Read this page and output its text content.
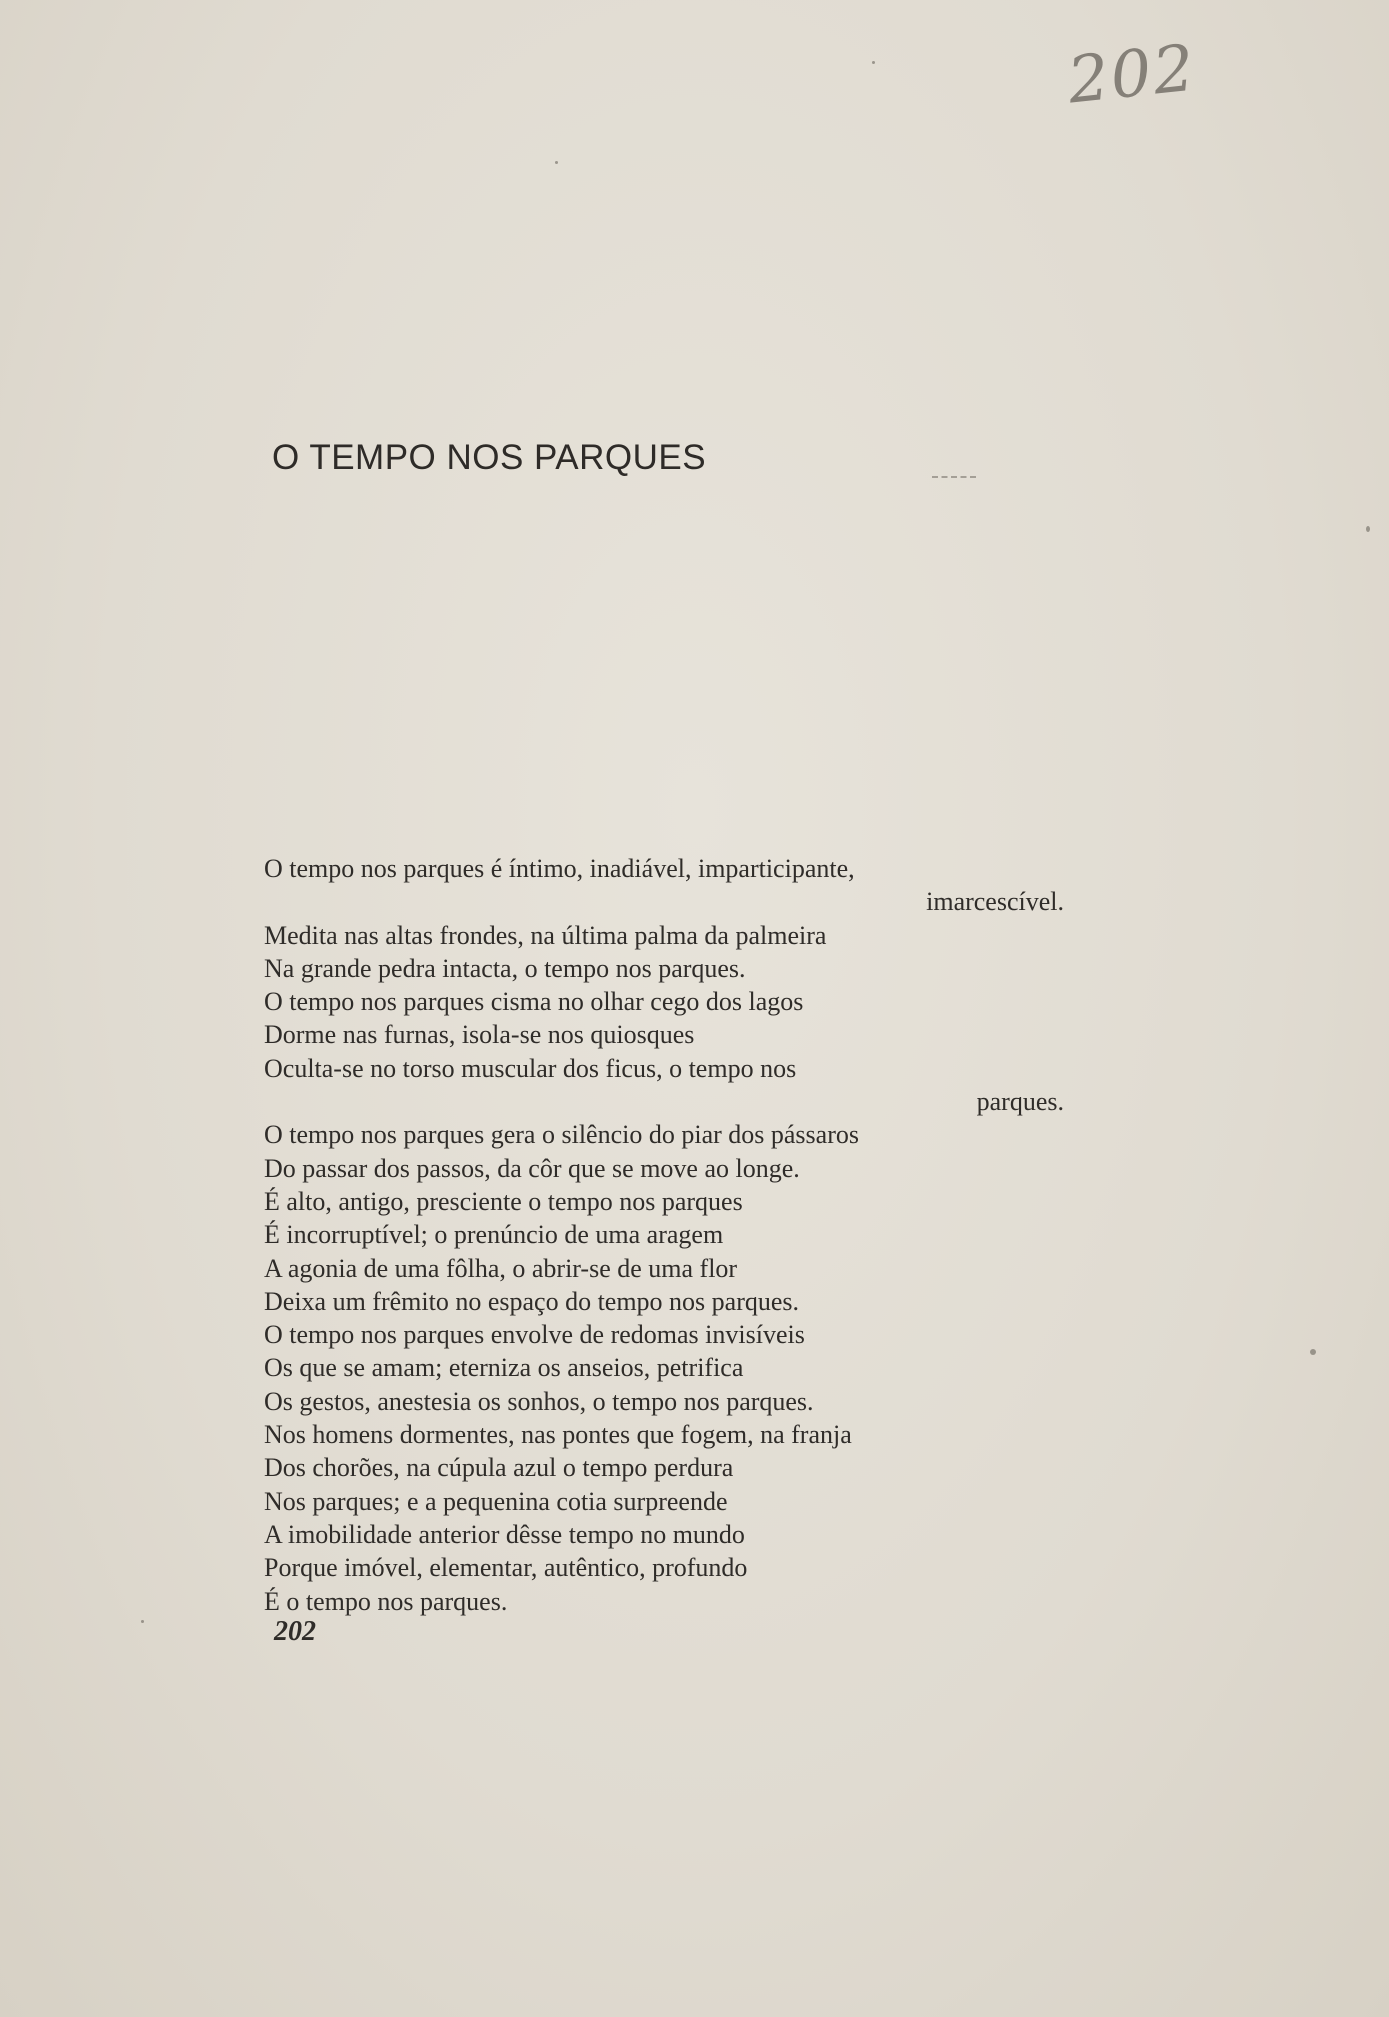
202
O TEMPO NOS PARQUES
O tempo nos parques é íntimo, inadiável, imparticipante,
imarcescível.
Medita nas altas frondes, na última palma da palmeira
Na grande pedra intacta, o tempo nos parques.
O tempo nos parques cisma no olhar cego dos lagos
Dorme nas furnas, isola-se nos quiosques
Oculta-se no torso muscular dos ficus, o tempo nos
parques.
O tempo nos parques gera o silêncio do piar dos pássaros
Do passar dos passos, da côr que se move ao longe.
É alto, antigo, presciente o tempo nos parques
É incorruptível; o prenúncio de uma aragem
A agonia de uma fôlha, o abrir-se de uma flor
Deixa um frêmito no espaço do tempo nos parques.
O tempo nos parques envolve de redomas invisíveis
Os que se amam; eterniza os anseios, petrifica
Os gestos, anestesia os sonhos, o tempo nos parques.
Nos homens dormentes, nas pontes que fogem, na franja
Dos chorões, na cúpula azul o tempo perdura
Nos parques; e a pequenina cotia surpreende
A imobilidade anterior dêsse tempo no mundo
Porque imóvel, elementar, autêntico, profundo
É o tempo nos parques.
202
